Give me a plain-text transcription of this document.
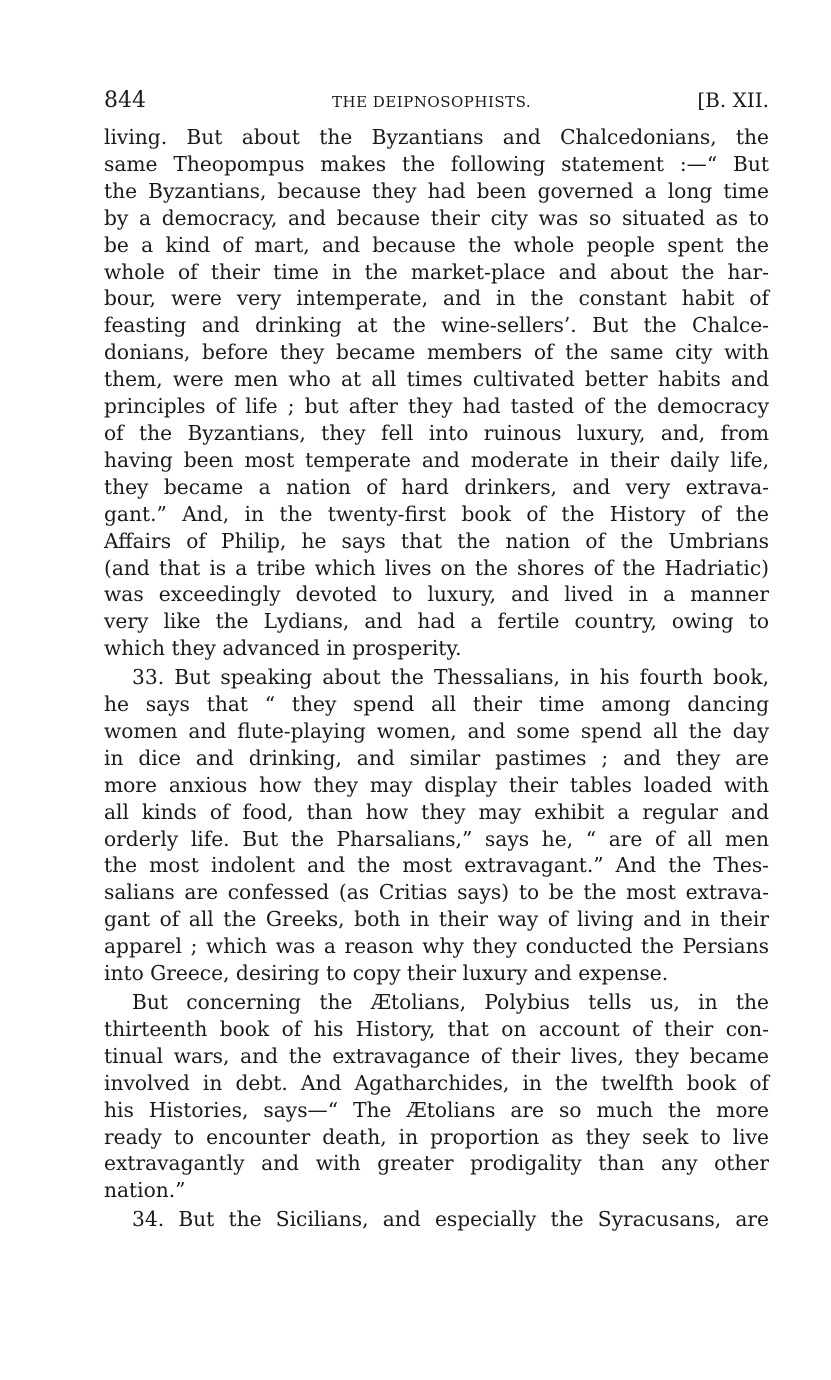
844	THE DEIPNOSOPHISTS.	[B. XII.

living. But about the Byzantians and Chalcedonians, the
same Theopompus makes the following statement :—“ But
the Byzantians, because they had been governed a long time
by a democracy, and because their city was so situated as to
be a kind of mart, and because the whole people spent the
whole of their time in the market-place and about the har-
bour, were very intemperate, and in the constant habit of
feasting and drinking at the wine-sellers’. But the Chalce-
donians, before they became members of the same city with
them, were men who at all times cultivated better habits and
principles of life ; but after they had tasted of the democracy
of the Byzantians, they fell into ruinous luxury, and, from
having been most temperate and moderate in their daily life,
they became a nation of hard drinkers, and very extrava-
gant.” And, in the twenty-first book of the History of the
Affairs of Philip, he says that the nation of the Umbrians
(and that is a tribe which lives on the shores of the Hadriatic)
was exceedingly devoted to luxury, and lived in a manner
very like the Lydians, and had a fertile country, owing to
which they advanced in prosperity.

33. But speaking about the Thessalians, in his fourth book,
he says that “ they spend all their time among dancing
women and flute-playing women, and some spend all the day
in dice and drinking, and similar pastimes ; and they are
more anxious how they may display their tables loaded with
all kinds of food, than how they may exhibit a regular and
orderly life. But the Pharsalians,” says he, “ are of all men
the most indolent and the most extravagant.” And the Thes-
salians are confessed (as Critias says) to be the most extrava-
gant of all the Greeks, both in their way of living and in their
apparel ; which was a reason why they conducted the Persians
into Greece, desiring to copy their luxury and expense.

But concerning the Ætolians, Polybius tells us, in the
thirteenth book of his History, that on account of their con-
tinual wars, and the extravagance of their lives, they became
involved in debt. And Agatharchides, in the twelfth book of
his Histories, says—“ The Ætolians are so much the more
ready to encounter death, in proportion as they seek to live
extravagantly and with greater prodigality than any other
nation.”

34. But the Sicilians, and especially the Syracusans, are
